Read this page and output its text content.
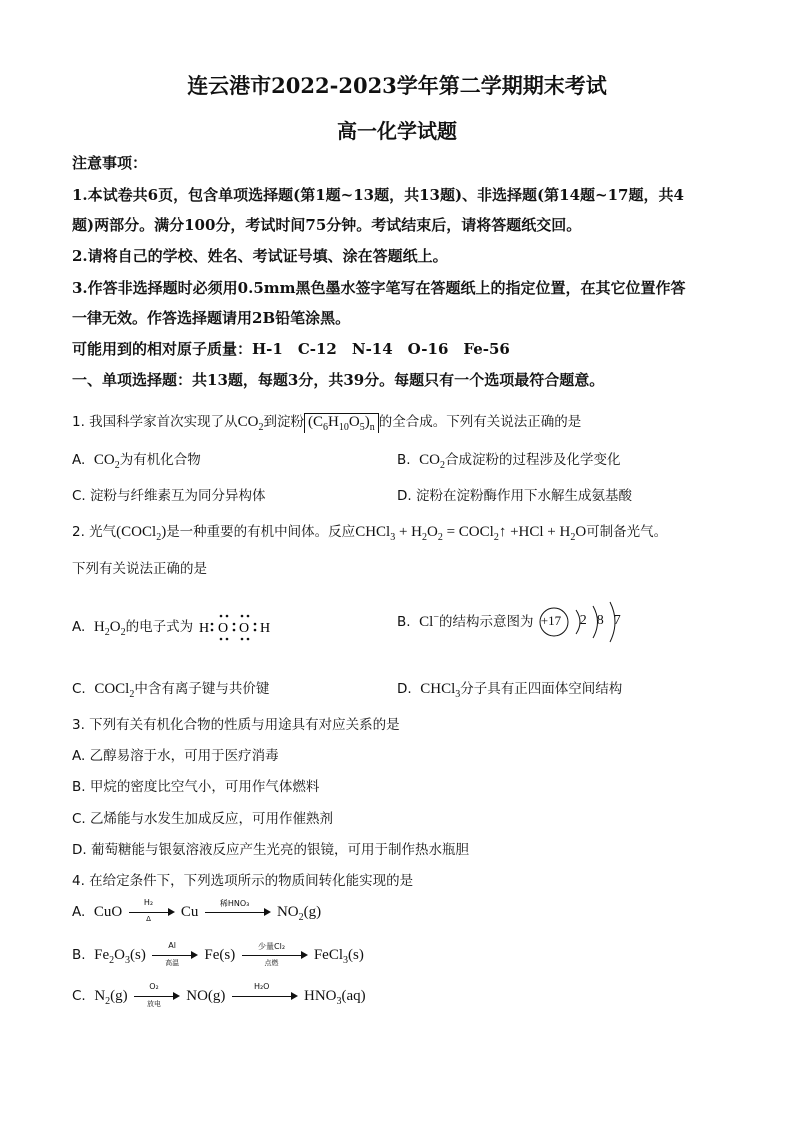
连云港市2022-2023学年第二学期期末考试
高一化学试题
注意事项：
1.本试卷共6页，包含单项选择题(第1题~13题，共13题)、非选择题(第14题~17题，共4
题)两部分。满分100分，考试时间75分钟。考试结束后，请将答题纸交回。
2.请将自己的学校、姓名、考试证号填、涂在答题纸上。
3.作答非选择题时必须用0.5mm黑色墨水签字笔写在答题纸上的指定位置，在其它位置作答
一律无效。作答选择题请用2B铅笔涂黑。
可能用到的相对原子质量：H-1　C-12　N-14　O-16　Fe-56
一、单项选择题：共13题，每题3分，共39分。每题只有一个选项最符合题意。
1. 我国科学家首次实现了从$CO_2$到淀粉 $(C_6H_{10}O_5)_n$ 的全合成。下列有关说法正确的是
A. $CO_2$为有机化合物	B. $CO_2$合成淀粉的过程涉及化学变化
C. 淀粉与纤维素互为同分异构体	D. 淀粉在淀粉酶作用下水解生成氨基酸
2. 光气(COCl$_2$)是一种重要的有机中间体。反应CHCl$_3$ + $H_2O_2$ = COCl$_2$↑ $+HCl + H_2O$可制备光气。
下列有关说法正确的是
A. $H_2O_2$的电子式为 H O O H	B. Cl−的结构示意图为 +17 2 8 7
C. COCl$_2$中含有离子键与共价键	D. CHCl$_3$分子具有正四面体空间结构
3. 下列有关有机化合物的性质与用途具有对应关系的是
A. 乙醇易溶于水，可用于医疗消毒
B. 甲烷的密度比空气小，可用作气体燃料
C. 乙烯能与水发生加成反应，可用作催熟剂
D. 葡萄糖能与银氨溶液反应产生光亮的银镜，可用于制作热水瓶胆
4. 在给定条件下，下列选项所示的物质间转化能实现的是
A. CuO $\frac{\text{H₂}}{\Delta}$ Cu
稀HNO₃
$NO_2(g)$
B. $Fe_2O_3(s)$
Al
高温	Fe(s)
少量Cl₂
点燃	FeCl$_3$(s)
C. $N_2(g)$
O₂
放电	NO(g)
H₂O
$HNO_3(aq)$
